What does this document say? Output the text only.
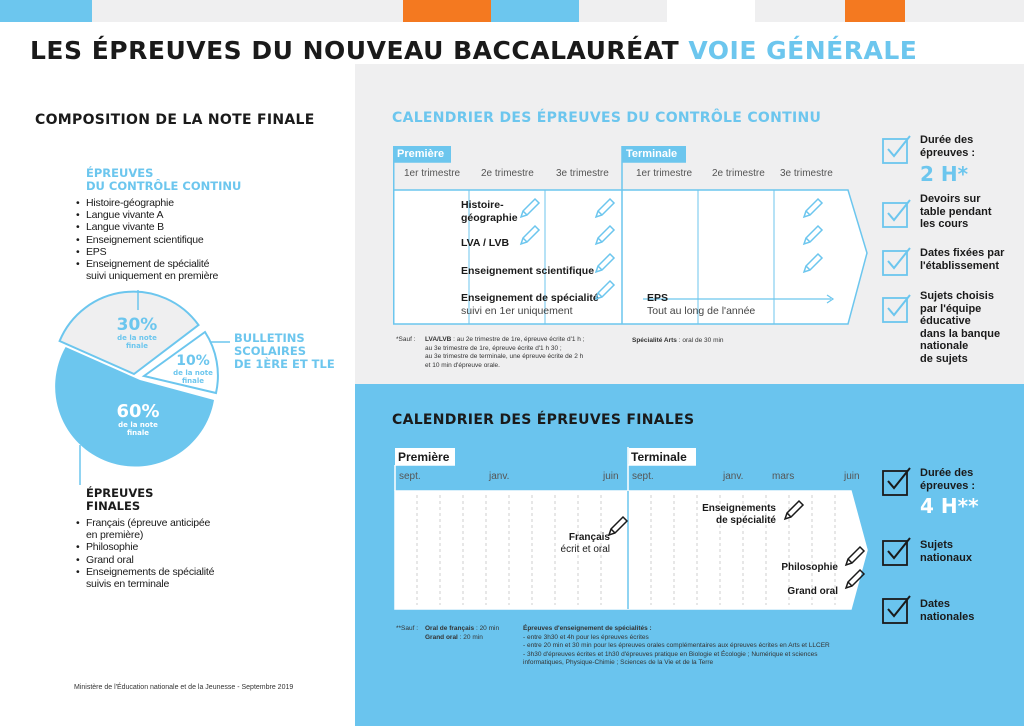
LES ÉPREUVES DU NOUVEAU BACCALAURÉAT VOIE GÉNÉRALE
COMPOSITION DE LA NOTE FINALE
ÉPREUVES
DU CONTRÔLE CONTINU
• Histoire-géographie
• Langue vivante A
• Langue vivante B
• Enseignement scientifique
• EPS
• Enseignement de spécialité
suivi uniquement en première
30%
de la note
finale
10%
de la note
finale
60%
de la note
finale
BULLETINS
SCOLAIRES
DE 1ÈRE ET TLE
ÉPREUVES
FINALES
• Français (épreuve anticipée
en première)
• Philosophie
• Grand oral
• Enseignements de spécialité
suivis en terminale
Ministère de l'Éducation nationale et de la Jeunesse - Septembre 2019
CALENDRIER DES ÉPREUVES DU CONTRÔLE CONTINU
Première	Terminale
1er trimestre 2e trimestre 3e trimestre	1er trimestre 2e trimestre 3e trimestre
Histoire-
géographie
LVA / LVB
Enseignement scientifique
Enseignement de spécialité
suivi en 1er uniquement
EPS
Tout au long de l'année
*Sauf : LVA/LVB : au 2e trimestre de 1re, épreuve écrite d'1 h ;
au 3e trimestre de 1re, épreuve écrite d'1 h 30 ;
au 3e trimestre de terminale, une épreuve écrite de 2 h
et 10 min d'épreuve orale.
Spécialité Arts : oral de 30 min
Durée des
épreuves :
2 H*
Devoirs sur
table pendant
les cours
Dates fixées par
l'établissement
Sujets choisis
par l'équipe
éducative
dans la banque
nationale
de sujets
CALENDRIER DES ÉPREUVES FINALES
Première	Terminale
sept.	janv.	juin sept.	janv.	mars	juin
Français
écrit et oral
Enseignements
de spécialité
Philosophie
Grand oral
**Sauf : Oral de français : 20 min
Grand oral : 20 min
Épreuves d'enseignement de spécialités :
- entre 3h30 et 4h pour les épreuves écrites
- entre 20 min et 30 min pour les épreuves orales complémentaires aux épreuves écrites en Arts et LLCER
- 3h30 d'épreuves écrites et 1h30 d'épreuves pratique en Biologie et Écologie ; Numérique et sciences
informatiques, Physique-Chimie ; Sciences de la Vie et de la Terre
Durée des
épreuves :
4 H**
Sujets
nationaux
Dates
nationales
